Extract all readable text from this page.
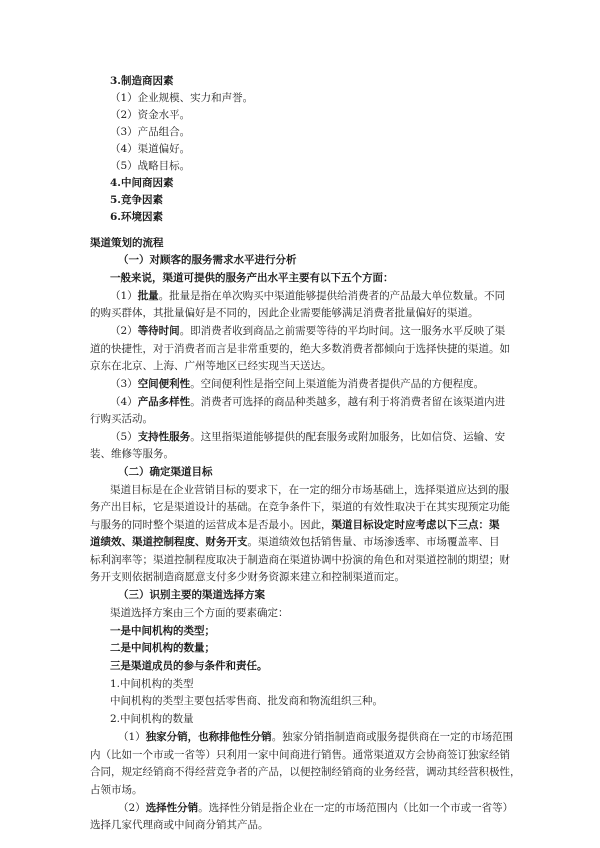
3.制造商因素
（1）企业规模、实力和声誉。
（2）资金水平。
（3）产品组合。
（4）渠道偏好。
（5）战略目标。
4.中间商因素
5.竞争因素
6.环境因素
渠道策划的流程
（一）对顾客的服务需求水平进行分析
一般来说，渠道可提供的服务产出水平主要有以下五个方面：
（1）批量。批量是指在单次购买中渠道能够提供给消费者的产品最大单位数量。不同
的购买群体，其批量偏好是不同的，因此企业需要能够满足消费者批量偏好的渠道。
（2）等待时间。即消费者收到商品之前需要等待的平均时间。这一服务水平反映了渠
道的快捷性，对于消费者而言是非常重要的，绝大多数消费者都倾向于选择快捷的渠道。如
京东在北京、上海、广州等地区已经实现当天送达。
（3）空间便利性。空间便利性是指空间上渠道能为消费者提供产品的方便程度。
（4）产品多样性。消费者可选择的商品种类越多，越有利于将消费者留在该渠道内进
行购买活动。
（5）支持性服务。这里指渠道能够提供的配套服务或附加服务，比如信贷、运输、安
装、维修等服务。
（二）确定渠道目标
渠道目标是在企业营销目标的要求下，在一定的细分市场基础上，选择渠道应达到的服
务产出目标，它是渠道设计的基础。在竞争条件下，渠道的有效性取决于在其实现预定功能
与服务的同时整个渠道的运营成本是否最小。因此，渠道目标设定时应考虑以下三点：渠
道绩效、渠道控制程度、财务开支。渠道绩效包括销售量、市场渗透率、市场覆盖率、目
标利润率等；渠道控制程度取决于制造商在渠道协调中扮演的角色和对渠道控制的期望；财
务开支则依据制造商愿意支付多少财务资源来建立和控制渠道而定。
（三）识别主要的渠道选择方案
渠道选择方案由三个方面的要素确定：
一是中间机构的类型；
二是中间机构的数量；
三是渠道成员的参与条件和责任。
1.中间机构的类型
中间机构的类型主要包括零售商、批发商和物流组织三种。
2.中间机构的数量
（1）独家分销，也称排他性分销。独家分销指制造商或服务提供商在一定的市场范围
内（比如一个市或一省等）只利用一家中间商进行销售。通常渠道双方会协商签订独家经销
合同，规定经销商不得经营竞争者的产品，以便控制经销商的业务经营，调动其经营积极性，
占领市场。
（2）选择性分销。选择性分销是指企业在一定的市场范围内（比如一个市或一省等）
选择几家代理商或中间商分销其产品。
